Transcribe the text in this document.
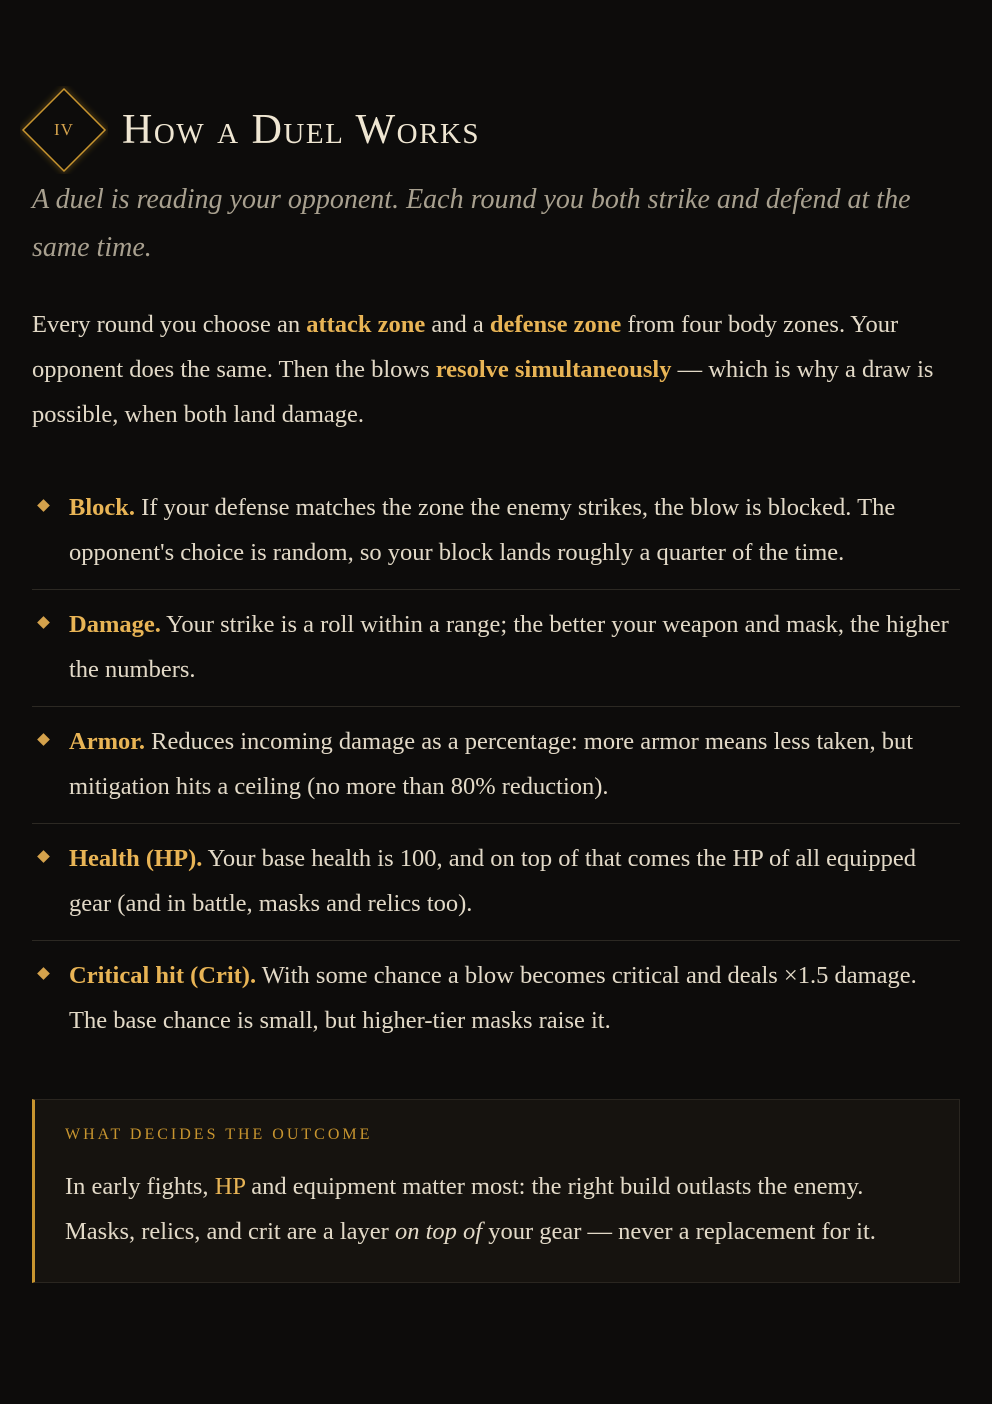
IV	How a Duel Works

A duel is reading your opponent. Each round you both strike and defend at the same time.

Every round you choose an attack zone and a defense zone from four body zones. Your opponent does the same. Then the blows resolve simultaneously — which is why a draw is possible, when both land damage.

Block. If your defense matches the zone the enemy strikes, the blow is blocked. The opponent's choice is random, so your block lands roughly a quarter of the time.
Damage. Your strike is a roll within a range; the better your weapon and mask, the higher the numbers.
Armor. Reduces incoming damage as a percentage: more armor means less taken, but mitigation hits a ceiling (no more than 80% reduction).
Health (HP). Your base health is 100, and on top of that comes the HP of all equipped gear (and in battle, masks and relics too).
Critical hit (Crit). With some chance a blow becomes critical and deals ×1.5 damage. The base chance is small, but higher-tier masks raise it.
WHAT DECIDES THE OUTCOME

In early fights, HP and equipment matter most: the right build outlasts the enemy. Masks, relics, and crit are a layer on top of your gear — never a replacement for it.
